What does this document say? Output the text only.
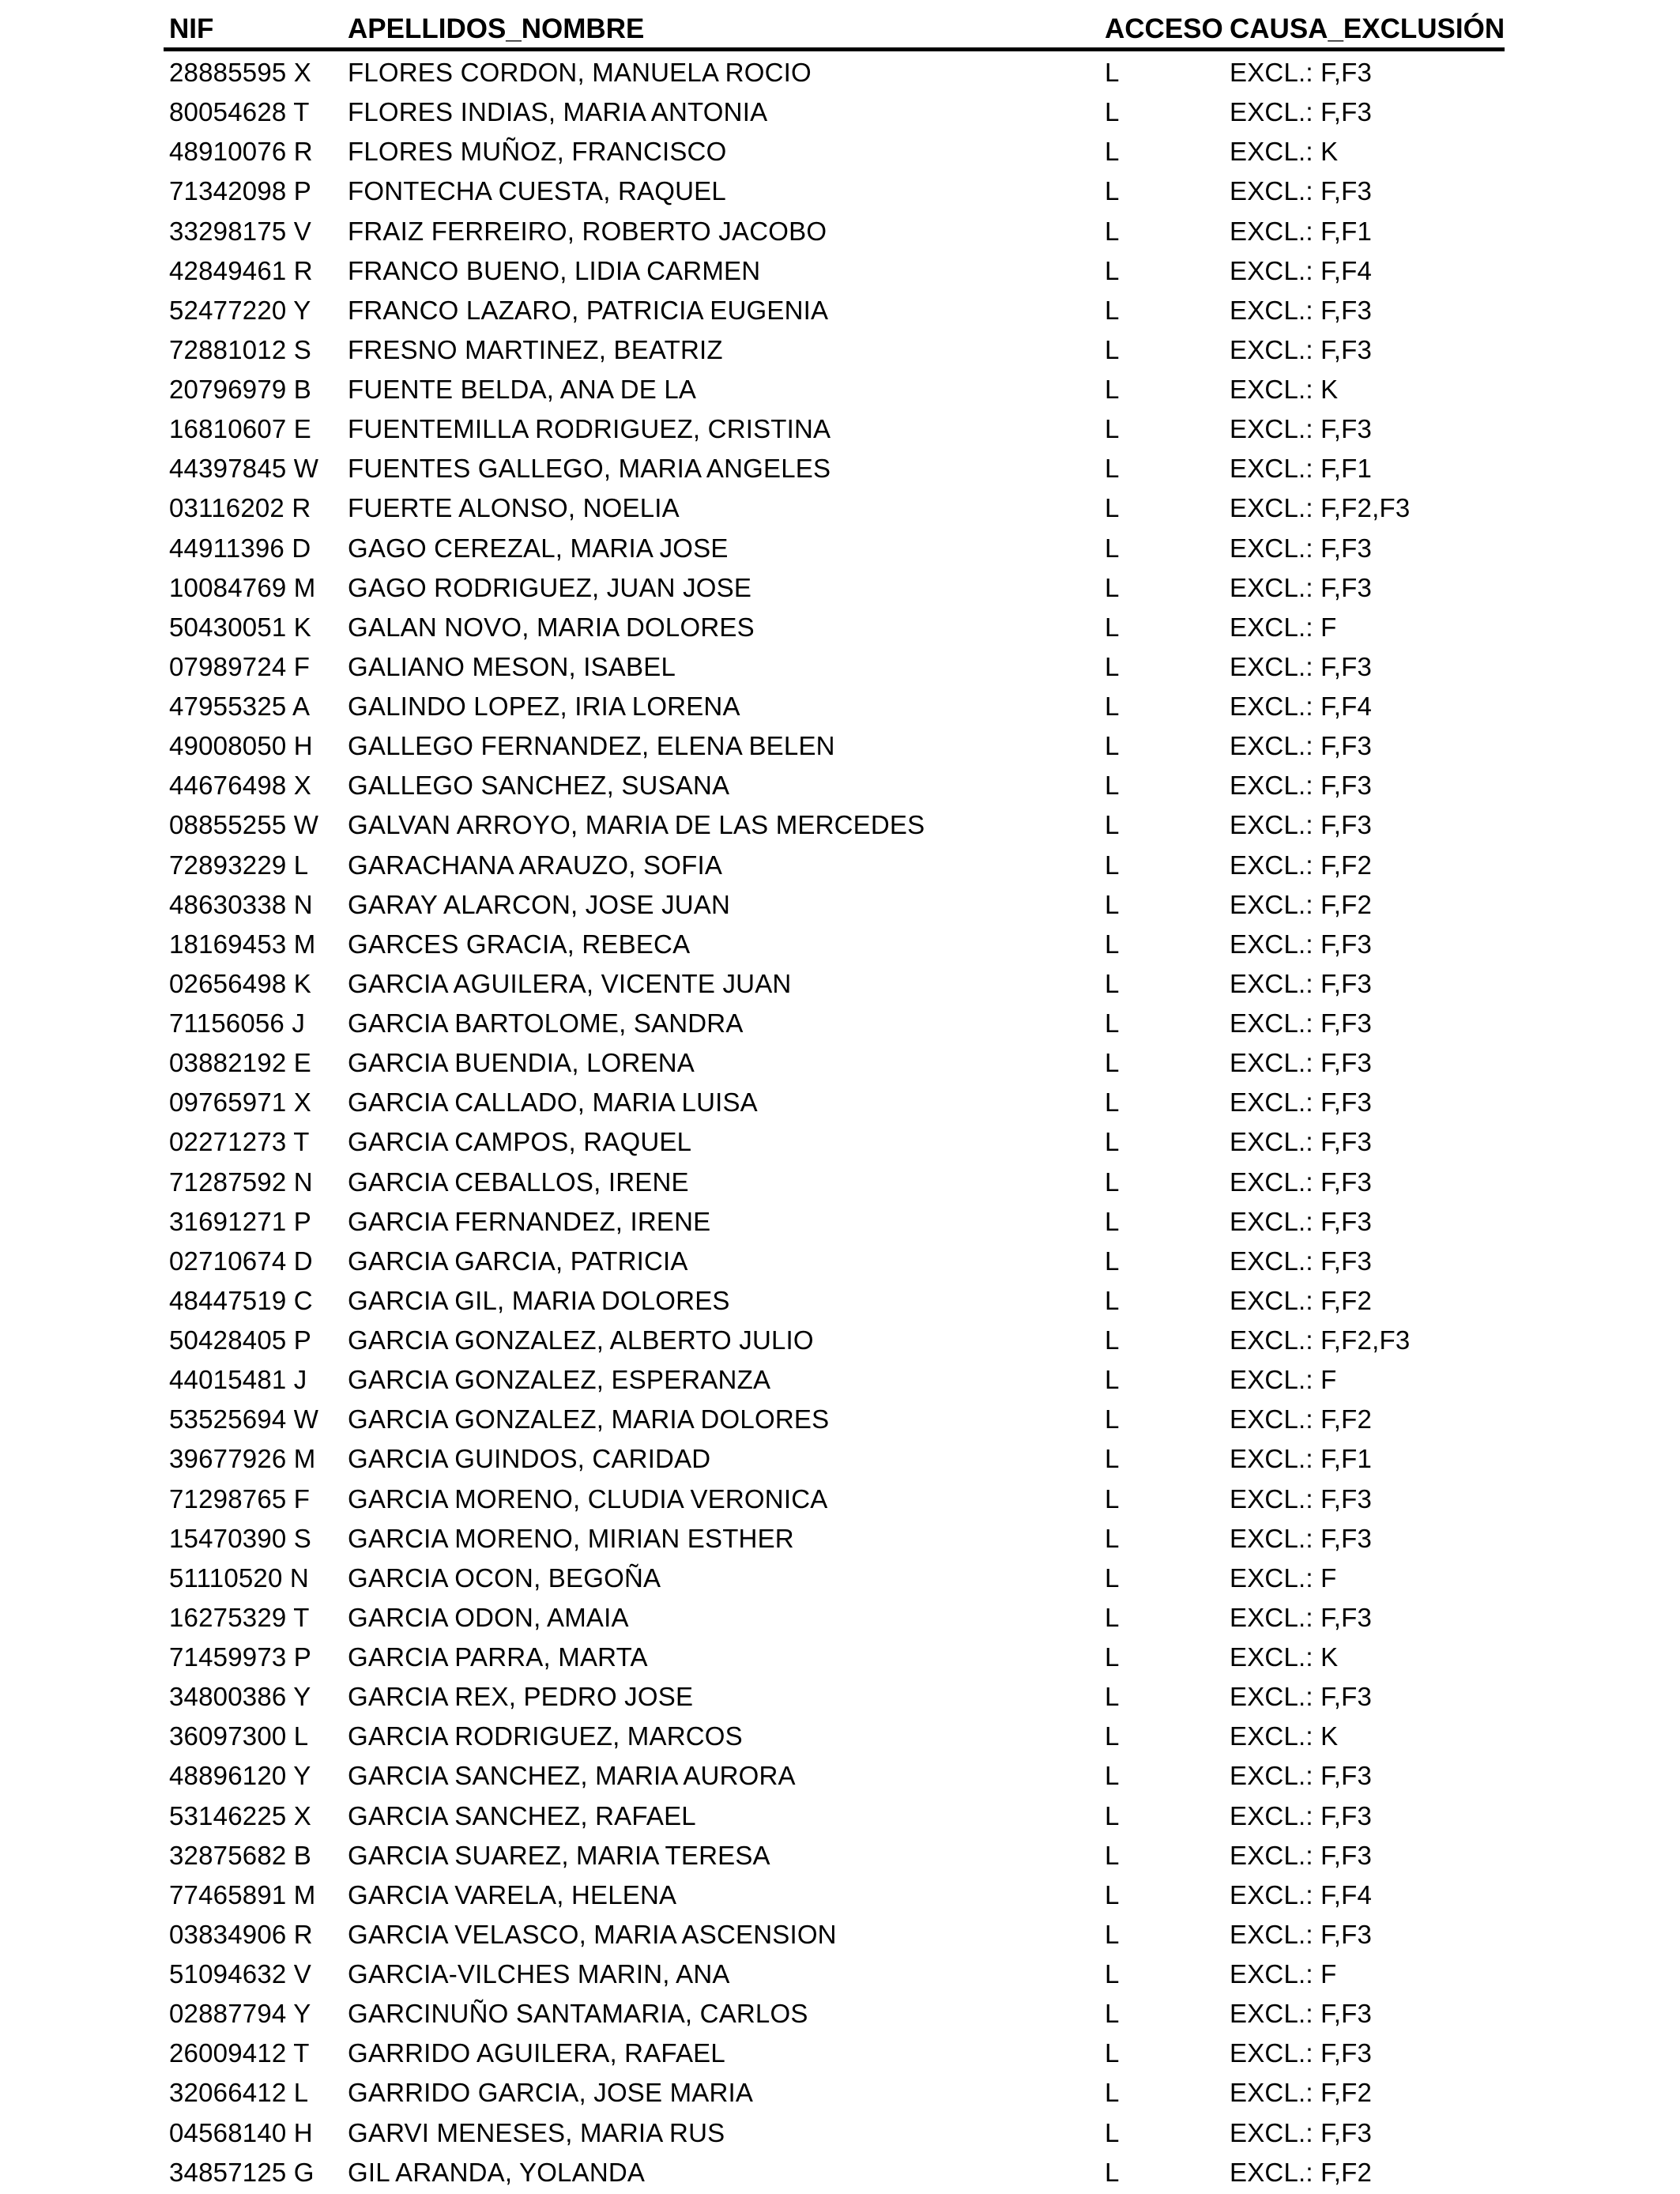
NIF	APELLIDOS_NOMBRE	ACCESO CAUSA_EXCLUSIÓN
28885595 X FLORES CORDON, MANUELA ROCIO	L	EXCL.: F,F3
80054628 T FLORES INDIAS, MARIA ANTONIA	L	EXCL.: F,F3
48910076 R FLORES MUÑOZ, FRANCISCO	L	EXCL.: K
71342098 P FONTECHA CUESTA, RAQUEL	L	EXCL.: F,F3
33298175 V FRAIZ FERREIRO, ROBERTO JACOBO	L	EXCL.: F,F1
42849461 R FRANCO BUENO, LIDIA CARMEN	L	EXCL.: F,F4
52477220 Y FRANCO LAZARO, PATRICIA EUGENIA	L	EXCL.: F,F3
72881012 S FRESNO MARTINEZ, BEATRIZ	L	EXCL.: F,F3
20796979 B FUENTE BELDA, ANA DE LA	L	EXCL.: K
16810607 E FUENTEMILLA RODRIGUEZ, CRISTINA	L	EXCL.: F,F3
44397845 W FUENTES GALLEGO, MARIA ANGELES	L	EXCL.: F,F1
03116202 R FUERTE ALONSO, NOELIA	L	EXCL.: F,F2,F3
44911396 D GAGO CEREZAL, MARIA JOSE	L	EXCL.: F,F3
10084769 M GAGO RODRIGUEZ, JUAN JOSE	L	EXCL.: F,F3
50430051 K GALAN NOVO, MARIA DOLORES	L	EXCL.: F
07989724 F GALIANO MESON, ISABEL	L	EXCL.: F,F3
47955325 A GALINDO LOPEZ, IRIA LORENA	L	EXCL.: F,F4
49008050 H GALLEGO FERNANDEZ, ELENA BELEN	L	EXCL.: F,F3
44676498 X GALLEGO SANCHEZ, SUSANA	L	EXCL.: F,F3
08855255 W GALVAN ARROYO, MARIA DE LAS MERCEDES	L	EXCL.: F,F3
72893229 L GARACHANA ARAUZO, SOFIA	L	EXCL.: F,F2
48630338 N GARAY ALARCON, JOSE JUAN	L	EXCL.: F,F2
18169453 M GARCES GRACIA, REBECA	L	EXCL.: F,F3
02656498 K GARCIA AGUILERA, VICENTE JUAN	L	EXCL.: F,F3
71156056 J GARCIA BARTOLOME, SANDRA	L	EXCL.: F,F3
03882192 E GARCIA BUENDIA, LORENA	L	EXCL.: F,F3
09765971 X GARCIA CALLADO, MARIA LUISA	L	EXCL.: F,F3
02271273 T GARCIA CAMPOS, RAQUEL	L	EXCL.: F,F3
71287592 N GARCIA CEBALLOS, IRENE	L	EXCL.: F,F3
31691271 P GARCIA FERNANDEZ, IRENE	L	EXCL.: F,F3
02710674 D GARCIA GARCIA, PATRICIA	L	EXCL.: F,F3
48447519 C GARCIA GIL, MARIA DOLORES	L	EXCL.: F,F2
50428405 P GARCIA GONZALEZ, ALBERTO JULIO	L	EXCL.: F,F2,F3
44015481 J GARCIA GONZALEZ, ESPERANZA	L	EXCL.: F
53525694 W GARCIA GONZALEZ, MARIA DOLORES	L	EXCL.: F,F2
39677926 M GARCIA GUINDOS, CARIDAD	L	EXCL.: F,F1
71298765 F GARCIA MORENO, CLUDIA VERONICA	L	EXCL.: F,F3
15470390 S GARCIA MORENO, MIRIAN ESTHER	L	EXCL.: F,F3
51110520 N GARCIA OCON, BEGOÑA	L	EXCL.: F
16275329 T GARCIA ODON, AMAIA	L	EXCL.: F,F3
71459973 P GARCIA PARRA, MARTA	L	EXCL.: K
34800386 Y GARCIA REX, PEDRO JOSE	L	EXCL.: F,F3
36097300 L GARCIA RODRIGUEZ, MARCOS	L	EXCL.: K
48896120 Y GARCIA SANCHEZ, MARIA AURORA	L	EXCL.: F,F3
53146225 X GARCIA SANCHEZ, RAFAEL	L	EXCL.: F,F3
32875682 B GARCIA SUAREZ, MARIA TERESA	L	EXCL.: F,F3
77465891 M GARCIA VARELA, HELENA	L	EXCL.: F,F4
03834906 R GARCIA VELASCO, MARIA ASCENSION	L	EXCL.: F,F3
51094632 V GARCIA-VILCHES MARIN, ANA	L	EXCL.: F
02887794 Y GARCINUÑO SANTAMARIA, CARLOS	L	EXCL.: F,F3
26009412 T GARRIDO AGUILERA, RAFAEL	L	EXCL.: F,F3
32066412 L GARRIDO GARCIA, JOSE MARIA	L	EXCL.: F,F2
04568140 H GARVI MENESES, MARIA RUS	L	EXCL.: F,F3
34857125 G GIL ARANDA, YOLANDA	L	EXCL.: F,F2
